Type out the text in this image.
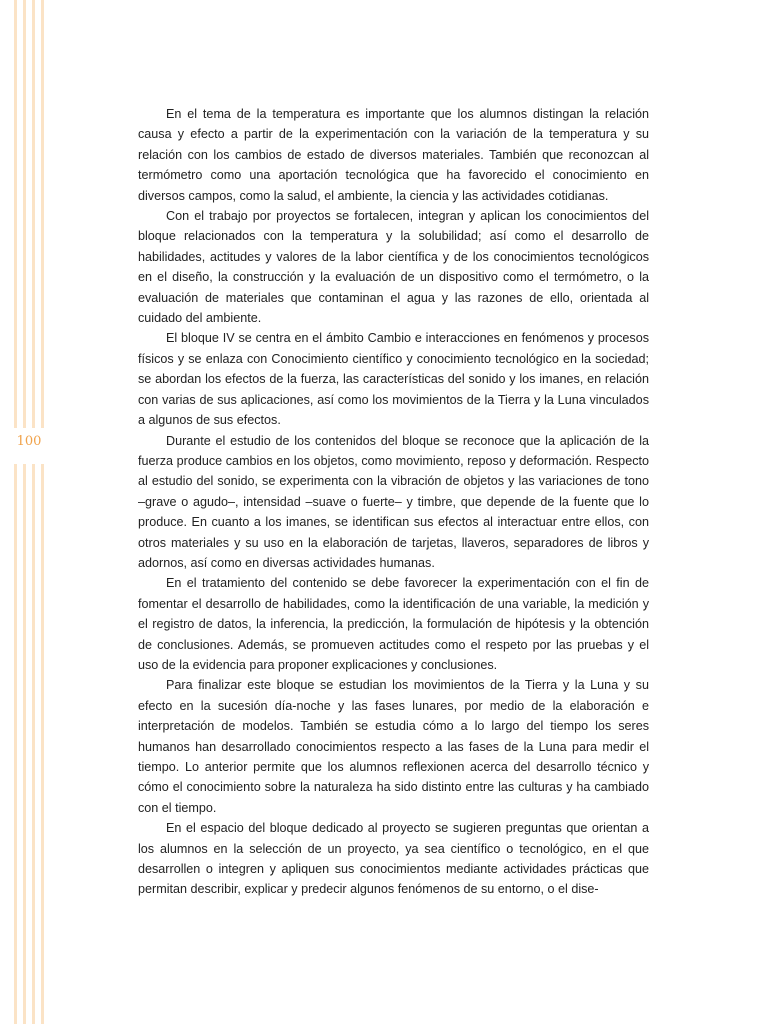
100

En el tema de la temperatura es importante que los alumnos distingan la relación causa y efecto a partir de la experimentación con la variación de la temperatura y su relación con los cambios de estado de diversos materiales. También que reconozcan al termómetro como una aportación tecnológica que ha favorecido el conocimiento en diversos campos, como la salud, el ambiente, la ciencia y las actividades cotidianas.

Con el trabajo por proyectos se fortalecen, integran y aplican los conocimientos del bloque relacionados con la temperatura y la solubilidad; así como el desarrollo de habilidades, actitudes y valores de la labor científica y de los conocimientos tecnológicos en el diseño, la construcción y la evaluación de un dispositivo como el termómetro, o la evaluación de materiales que contaminan el agua y las razones de ello, orientada al cuidado del ambiente.

El bloque IV se centra en el ámbito Cambio e interacciones en fenómenos y procesos físicos y se enlaza con Conocimiento científico y conocimiento tecnológico en la sociedad; se abordan los efectos de la fuerza, las características del sonido y los imanes, en relación con varias de sus aplicaciones, así como los movimientos de la Tierra y la Luna vinculados a algunos de sus efectos.

Durante el estudio de los contenidos del bloque se reconoce que la aplicación de la fuerza produce cambios en los objetos, como movimiento, reposo y deformación. Respecto al estudio del sonido, se experimenta con la vibración de objetos y las variaciones de tono –grave o agudo–, intensidad –suave o fuerte– y timbre, que depende de la fuente que lo produce. En cuanto a los imanes, se identifican sus efectos al interactuar entre ellos, con otros materiales y su uso en la elaboración de tarjetas, llaveros, separadores de libros y adornos, así como en diversas actividades humanas.

En el tratamiento del contenido se debe favorecer la experimentación con el fin de fomentar el desarrollo de habilidades, como la identificación de una variable, la medición y el registro de datos, la inferencia, la predicción, la formulación de hipótesis y la obtención de conclusiones. Además, se promueven actitudes como el respeto por las pruebas y el uso de la evidencia para proponer explicaciones y conclusiones.

Para finalizar este bloque se estudian los movimientos de la Tierra y la Luna y su efecto en la sucesión día-noche y las fases lunares, por medio de la elaboración e interpretación de modelos. También se estudia cómo a lo largo del tiempo los seres humanos han desarrollado conocimientos respecto a las fases de la Luna para medir el tiempo. Lo anterior permite que los alumnos reflexionen acerca del desarrollo técnico y cómo el conocimiento sobre la naturaleza ha sido distinto entre las culturas y ha cambiado con el tiempo.

En el espacio del bloque dedicado al proyecto se sugieren preguntas que orientan a los alumnos en la selección de un proyecto, ya sea científico o tecnológico, en el que desarrollen o integren y apliquen sus conocimientos mediante actividades prácticas que permitan describir, explicar y predecir algunos fenómenos de su entorno, o el dise-
